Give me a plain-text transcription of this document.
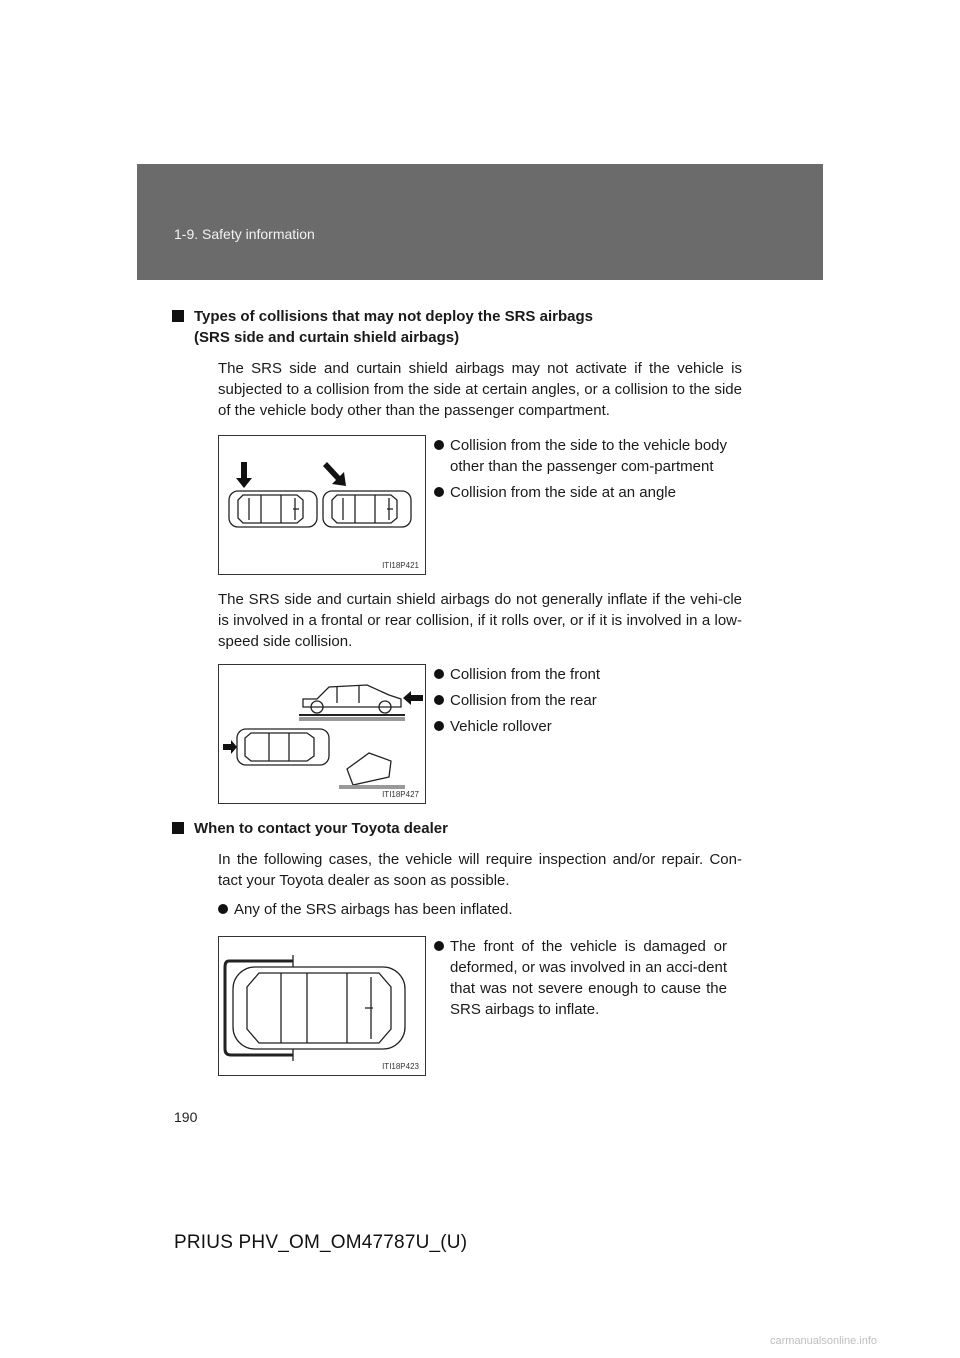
1-9. Safety information
Types of collisions that may not deploy the SRS airbags
(SRS side and curtain shield airbags)
The SRS side and curtain shield airbags may not activate if the vehicle is subjected to a collision from the side at certain angles, or a collision to the side of the vehicle body other than the passenger compartment.
ITI18P421
Collision from the side to the vehicle body other than the passenger com-partment
Collision from the side at an angle
The SRS side and curtain shield airbags do not generally inflate if the vehi-cle is involved in a frontal or rear collision, if it rolls over, or if it is involved in a low-speed side collision.
ITI18P427
Collision from the front
Collision from the rear
Vehicle rollover
When to contact your Toyota dealer
In the following cases, the vehicle will require inspection and/or repair. Con-tact your Toyota dealer as soon as possible.
Any of the SRS airbags has been inflated.
ITI18P423
The front of the vehicle is damaged or deformed, or was involved in an acci-dent that was not severe enough to cause the SRS airbags to inflate.
190
PRIUS PHV_OM_OM47787U_(U)
carmanualsonline.info
